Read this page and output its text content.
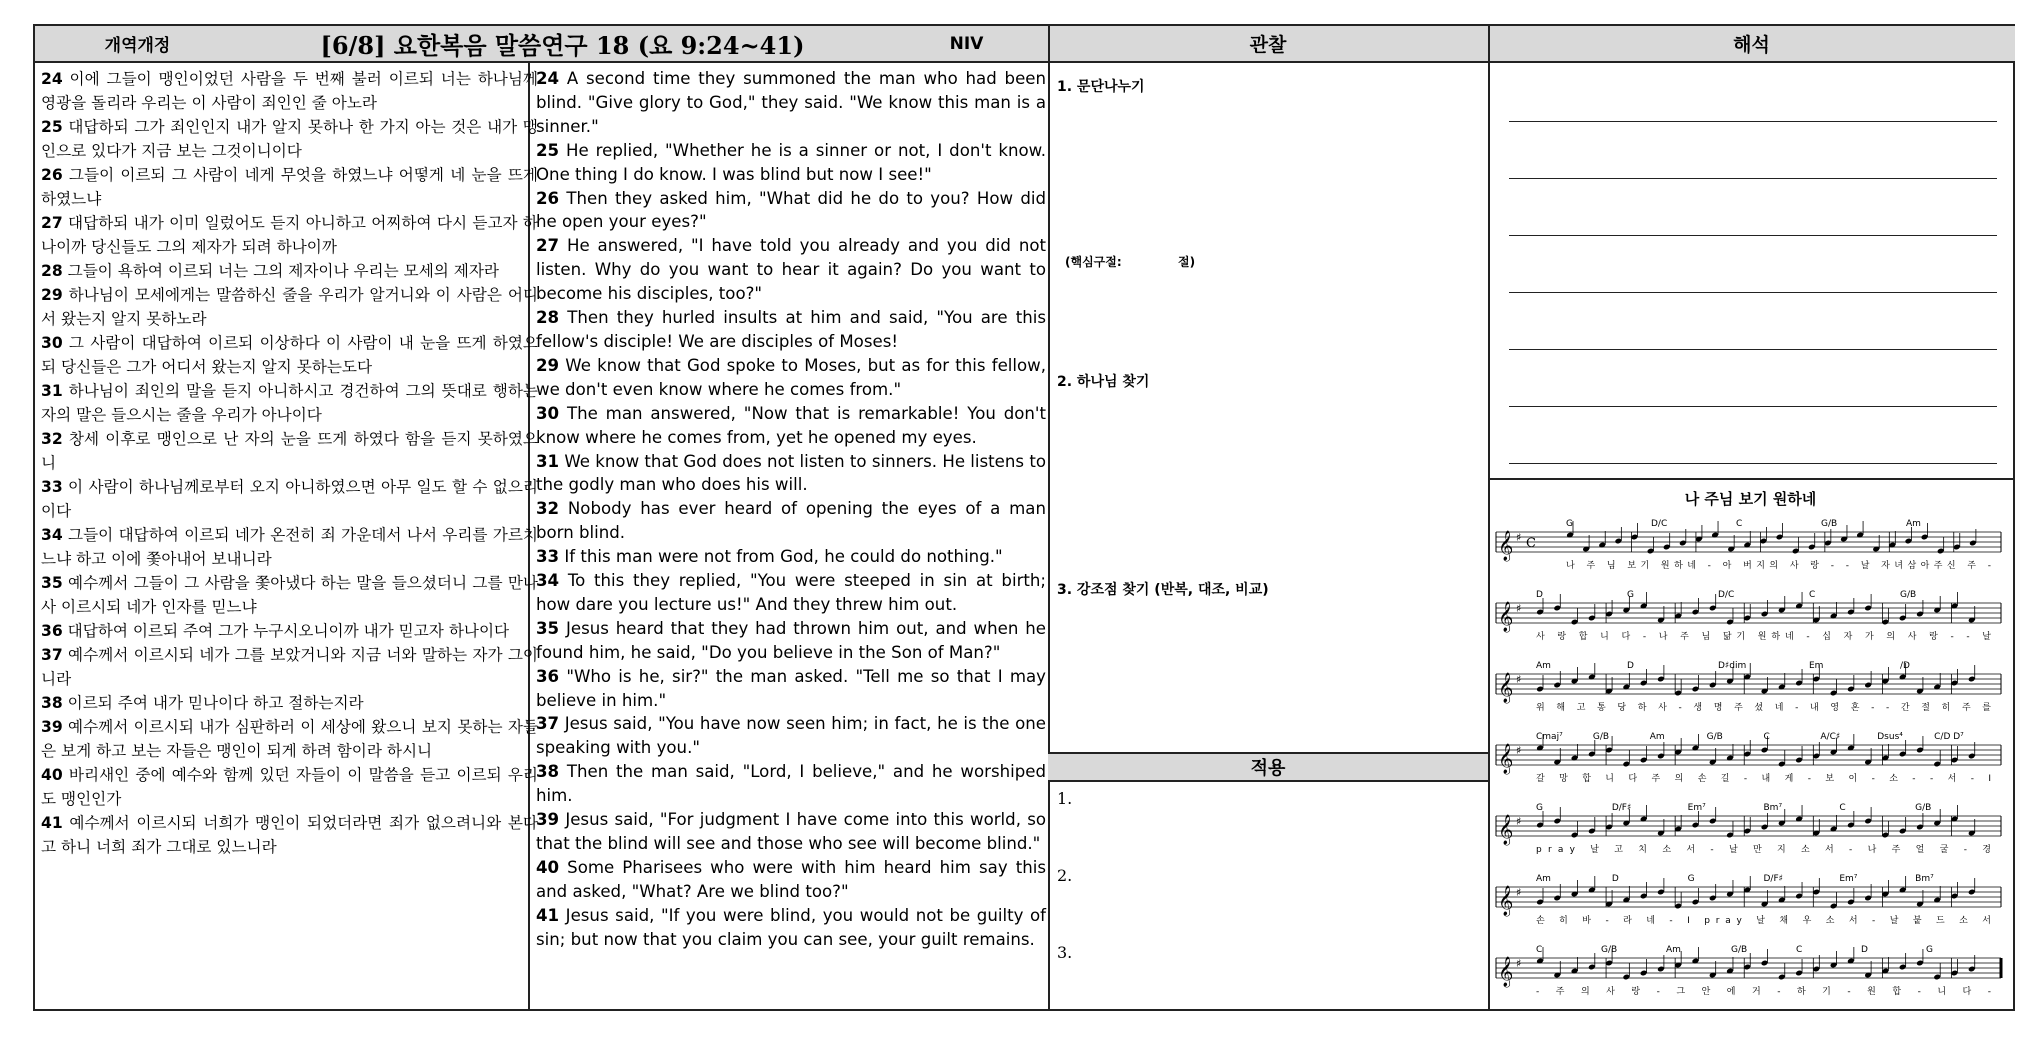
개역개정	[6/8] 요한복음 말씀연구 18 (요 9:24~41)	NIV	관찰	해석

24 이에 그들이 맹인이었던 사람을 두 번째 불러 이르되 너는 하나님께 영광을 돌리라 우리는 이 사람이 죄인인 줄 아노라

25 대답하되 그가 죄인인지 내가 알지 못하나 한 가지 아는 것은 내가 맹인으로 있다가 지금 보는 그것이니이다

26 그들이 이르되 그 사람이 네게 무엇을 하였느냐 어떻게 네 눈을 뜨게 하였느냐

27 대답하되 내가 이미 일렀어도 듣지 아니하고 어찌하여 다시 듣고자 하나이까 당신들도 그의 제자가 되려 하나이까

28 그들이 욕하여 이르되 너는 그의 제자이나 우리는 모세의 제자라

29 하나님이 모세에게는 말씀하신 줄을 우리가 알거니와 이 사람은 어디서 왔는지 알지 못하노라

30 그 사람이 대답하여 이르되 이상하다 이 사람이 내 눈을 뜨게 하였으되 당신들은 그가 어디서 왔는지 알지 못하는도다

31 하나님이 죄인의 말을 듣지 아니하시고 경건하여 그의 뜻대로 행하는 자의 말은 들으시는 줄을 우리가 아나이다

32 창세 이후로 맹인으로 난 자의 눈을 뜨게 하였다 함을 듣지 못하였으니

33 이 사람이 하나님께로부터 오지 아니하였으면 아무 일도 할 수 없으리이다

34 그들이 대답하여 이르되 네가 온전히 죄 가운데서 나서 우리를 가르치느냐 하고 이에 쫓아내어 보내니라

35 예수께서 그들이 그 사람을 쫓아냈다 하는 말을 들으셨더니 그를 만나사 이르시되 네가 인자를 믿느냐

36 대답하여 이르되 주여 그가 누구시오니이까 내가 믿고자 하나이다

37 예수께서 이르시되 네가 그를 보았거니와 지금 너와 말하는 자가 그이니라

38 이르되 주여 내가 믿나이다 하고 절하는지라

39 예수께서 이르시되 내가 심판하러 이 세상에 왔으니 보지 못하는 자들은 보게 하고 보는 자들은 맹인이 되게 하려 함이라 하시니

40 바리새인 중에 예수와 함께 있던 자들이 이 말씀을 듣고 이르되 우리도 맹인인가

41 예수께서 이르시되 너희가 맹인이 되었더라면 죄가 없으려니와 본다고 하니 너희 죄가 그대로 있느니라

24 A second time they summoned the man who had been blind. "Give glory to God," they said. "We know this man is a sinner."

25 He replied, "Whether he is a sinner or not, I don't know. One thing I do know. I was blind but now I see!"

26 Then they asked him, "What did he do to you? How did he open your eyes?"

27 He answered, "I have told you already and you did not listen. Why do you want to hear it again? Do you want to become his disciples, too?"

28 Then they hurled insults at him and said, "You are this fellow's disciple! We are disciples of Moses!

29 We know that God spoke to Moses, but as for this fellow, we don't even know where he comes from."

30 The man answered, "Now that is remarkable! You don't know where he comes from, yet he opened my eyes.

31 We know that God does not listen to sinners. He listens to the godly man who does his will.

32 Nobody has ever heard of opening the eyes of a man born blind.

33 If this man were not from God, he could do nothing."

34 To this they replied, "You were steeped in sin at birth; how dare you lecture us!" And they threw him out.

35 Jesus heard that they had thrown him out, and when he found him, he said, "Do you believe in the Son of Man?"

36 "Who is he, sir?" the man asked. "Tell me so that I may believe in him."

37 Jesus said, "You have now seen him; in fact, he is the one speaking with you."

38 Then the man said, "Lord, I believe," and he worshiped him.

39 Jesus said, "For judgment I have come into this world, so that the blind will see and those who see will become blind."

40 Some Pharisees who were with him heard him say this and asked, "What? Are we blind too?"

41 Jesus said, "If you were blind, you would not be guilty of sin; but now that you claim you can see, your guilt remains.

1. 문단나누기
(핵심구절:	절)
2. 하나님 찾기
3. 강조점 찾기 (반복, 대조, 비교)
적용
1.
2.
3.
나 주님 보기 원하네
𝄞 ♯ C
G	D/C	C	G/B	Am
나 주 님 보기 원하네 - 아 버지의 사 랑 - - 날 자녀삼아주신 주 -
𝄞 ♯
D	G	D/C	C	G/B
사 랑 합 니 다 - 나 주 님 닮기 원하네 - 십 자 가 의 사 랑 - - 날
𝄞 ♯
Am	D	D♯dim	Em	/D
위 해 고 통 당 하 사 - 생 명 주 셨 네 - 내 영 혼 - - 간 절 히 주 를
𝄞 ♯
Cmaj⁷	G/B	Am	G/B	C	A/C♯	Dsus⁴	C/D D⁷
갈 망 합 니 다 주 의 손 길 - 내 게 - 보 이 - 소 - - 서 - I
𝄞 ♯
G	D/F♯	Em⁷	Bm⁷	C	G/B
pray 날 고 치 소 서 - 날 만 지 소 서 - 나 주 얼 굴 - 경
𝄞 ♯
Am	D	G	D/F♯	Em⁷	Bm⁷
손 히 바 - 라 네 - I pray 날 채 우 소 서 - 날 붙 드 소 서
𝄞 ♯
C	G/B	Am	G/B	C	D	G
- 주 의 사 랑 - 그 안 에 거 - 하 기 - 원 합 - 니 다 -
